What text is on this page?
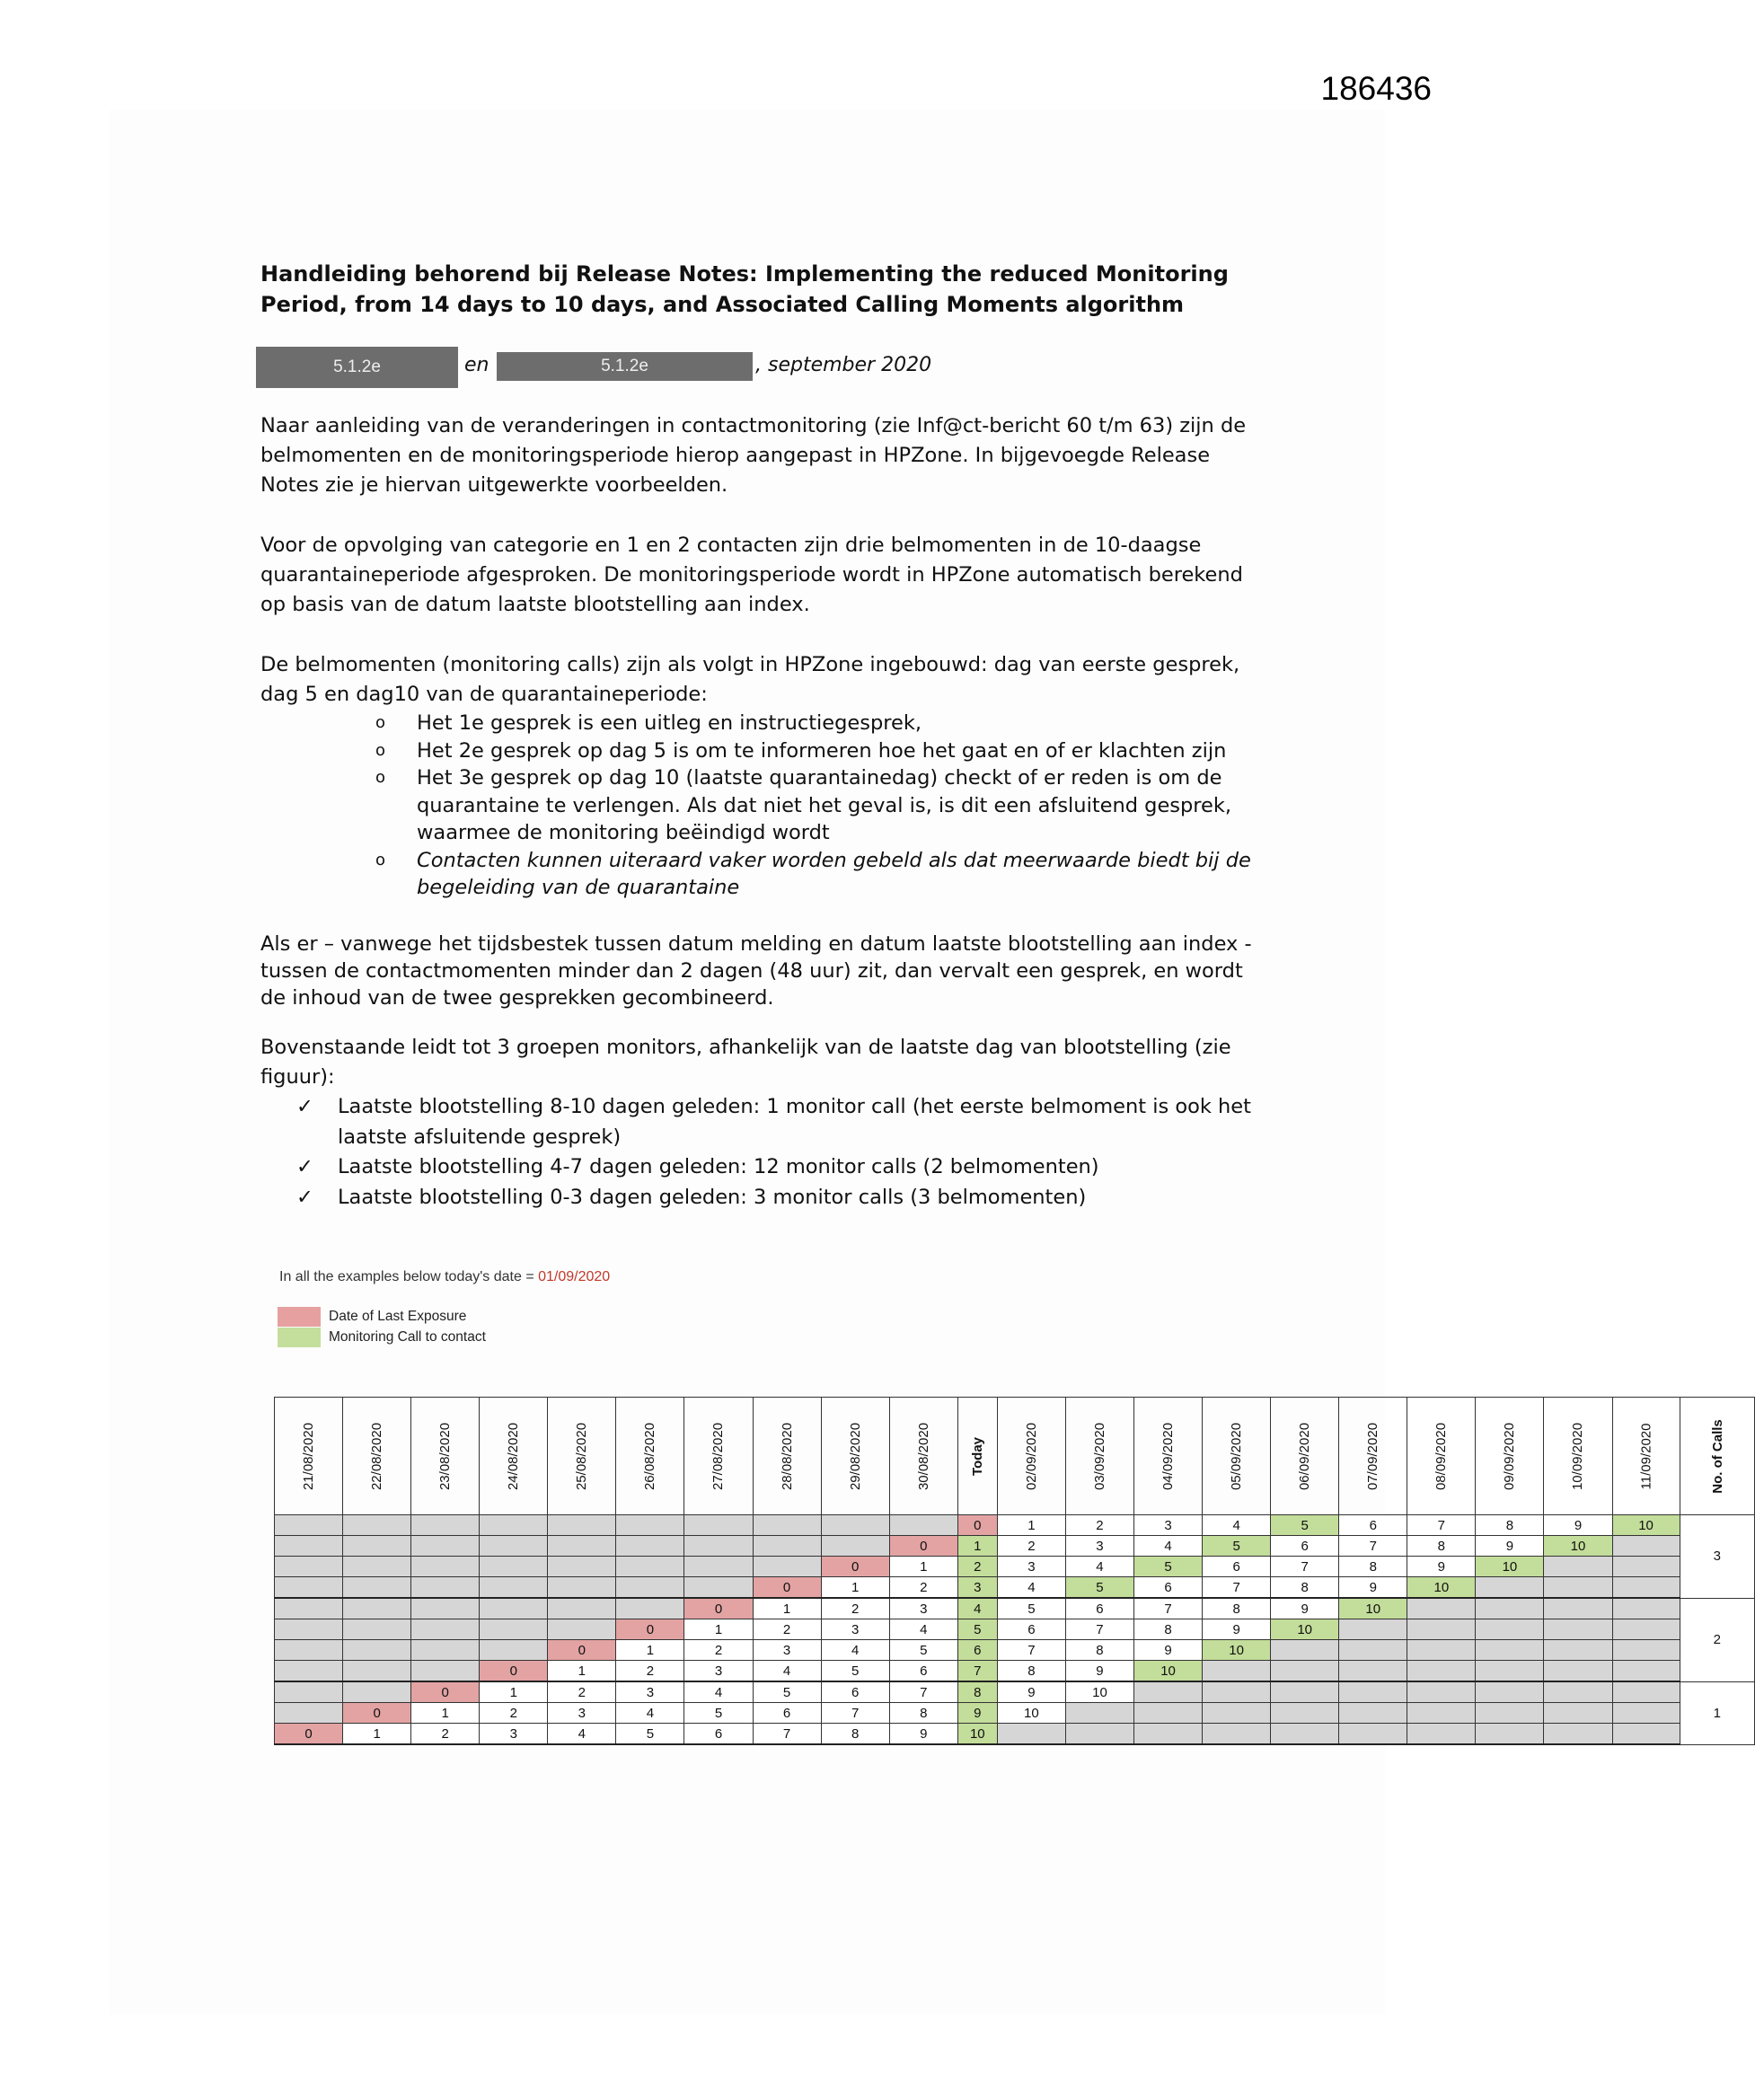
186436
Handleiding behorend bij Release Notes: Implementing the reduced Monitoring Period, from 14 days to 10 days, and Associated Calling Moments algorithm
5.1.2e	en	5.1.2e	, september 2020

Naar aanleiding van de veranderingen in contactmonitoring (zie Inf@ct-bericht 60 t/m 63) zijn de belmomenten en de monitoringsperiode hierop aangepast in HPZone. In bijgevoegde Release Notes zie je hiervan uitgewerkte voorbeelden.

Voor de opvolging van categorie en 1 en 2 contacten zijn drie belmomenten in de 10-daagse quarantaineperiode afgesproken. De monitoringsperiode wordt in HPZone automatisch berekend op basis van de datum laatste blootstelling aan index.

De belmomenten (monitoring calls) zijn als volgt in HPZone ingebouwd: dag van eerste gesprek, dag 5 en dag10 van de quarantaineperiode:

o Het 1e gesprek is een uitleg en instructiegesprek,
o Het 2e gesprek op dag 5 is om te informeren hoe het gaat en of er klachten zijn
o Het 3e gesprek op dag 10 (laatste quarantainedag) checkt of er reden is om de quarantaine te verlengen. Als dat niet het geval is, is dit een afsluitend gesprek, waarmee de monitoring beëindigd wordt
o Contacten kunnen uiteraard vaker worden gebeld als dat meerwaarde biedt bij de begeleiding van de quarantaine

Als er – vanwege het tijdsbestek tussen datum melding en datum laatste blootstelling aan index - tussen de contactmomenten minder dan 2 dagen (48 uur) zit, dan vervalt een gesprek, en wordt de inhoud van de twee gesprekken gecombineerd.

Bovenstaande leidt tot 3 groepen monitors, afhankelijk van de laatste dag van blootstelling (zie figuur):

✓ Laatste blootstelling 8-10 dagen geleden: 1 monitor call (het eerste belmoment is ook het laatste afsluitende gesprek)
✓ Laatste blootstelling 4-7 dagen geleden: 12 monitor calls (2 belmomenten)
✓ Laatste blootstelling 0-3 dagen geleden: 3 monitor calls (3 belmomenten)
In all the examples below today's date = 01/09/2020
Date of Last Exposure
Monitoring Call to contact
21/08/2020	22/08/2020	23/08/2020	24/08/2020	25/08/2020	26/08/2020	27/08/2020	28/08/2020	29/08/2020	30/08/2020	Today	02/09/2020	03/09/2020	04/09/2020	05/09/2020	06/09/2020	07/09/2020	08/09/2020	09/09/2020	10/09/2020	11/09/2020	No. of Calls
										0	1	2	3	4	5	6	7	8	9	10	3
									0	1	2	3	4	5	6	7	8	9	10		
								0	1	2	3	4	5	6	7	8	9	10			
							0	1	2	3	4	5	6	7	8	9	10				
						0	1	2	3	4	5	6	7	8	9	10					2
					0	1	2	3	4	5	6	7	8	9	10						
				0	1	2	3	4	5	6	7	8	9	10							
			0	1	2	3	4	5	6	7	8	9	10								
		0	1	2	3	4	5	6	7	8	9	10									1
	0	1	2	3	4	5	6	7	8	9	10										
0	1	2	3	4	5	6	7	8	9	10											
